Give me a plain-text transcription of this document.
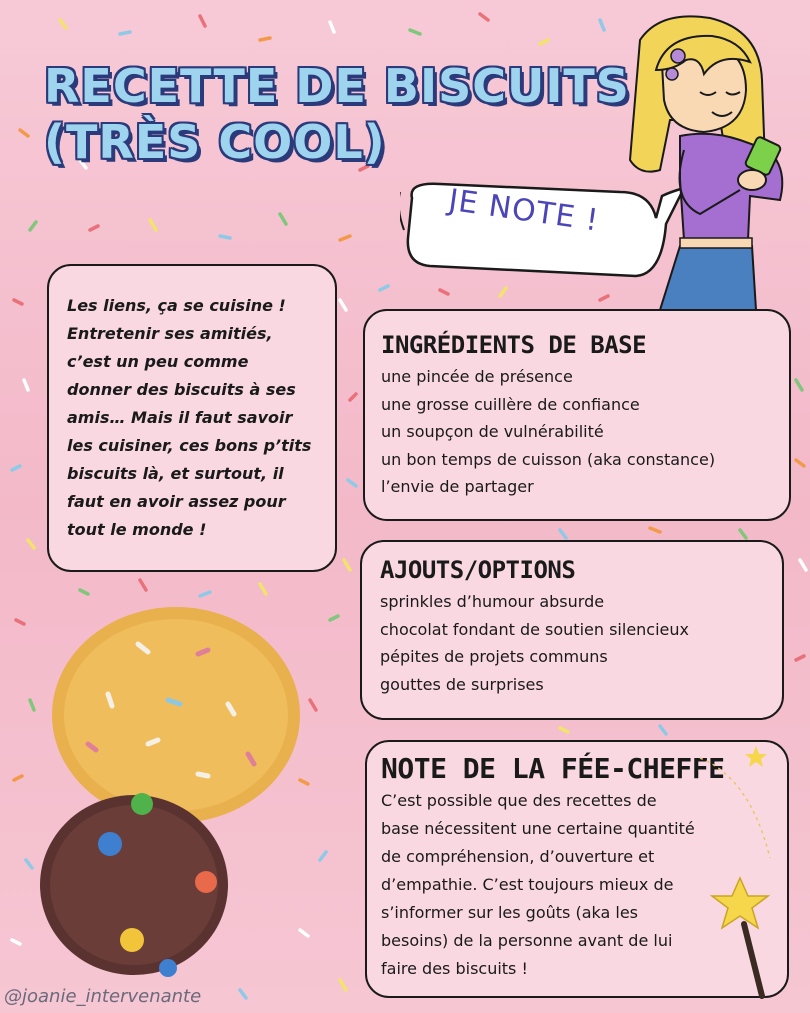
RECETTE DE BISCUITS
(TRÈS COOL)
JE NOTE !
Les liens, ça se cuisine ! Entretenir ses amitiés, c’est un peu comme donner des biscuits à ses amis… Mais il faut savoir les cuisiner, ces bons p’tits biscuits là, et surtout, il faut en avoir assez pour tout le monde !
INGRÉDIENTS DE BASE
une pincée de présence
une grosse cuillère de confiance
un soupçon de vulnérabilité
un bon temps de cuisson (aka constance)
l’envie de partager
AJOUTS/OPTIONS
sprinkles d’humour absurde
chocolat fondant de soutien silencieux
pépites de projets communs
gouttes de surprises
NOTE DE LA FÉE-CHEFFE
C’est possible que des recettes de
base nécessitent une certaine quantité
de compréhension, d’ouverture et
d’empathie. C’est toujours mieux de
s’informer sur les goûts (aka les
besoins) de la personne avant de lui
faire des biscuits !
@joanie_intervenante
